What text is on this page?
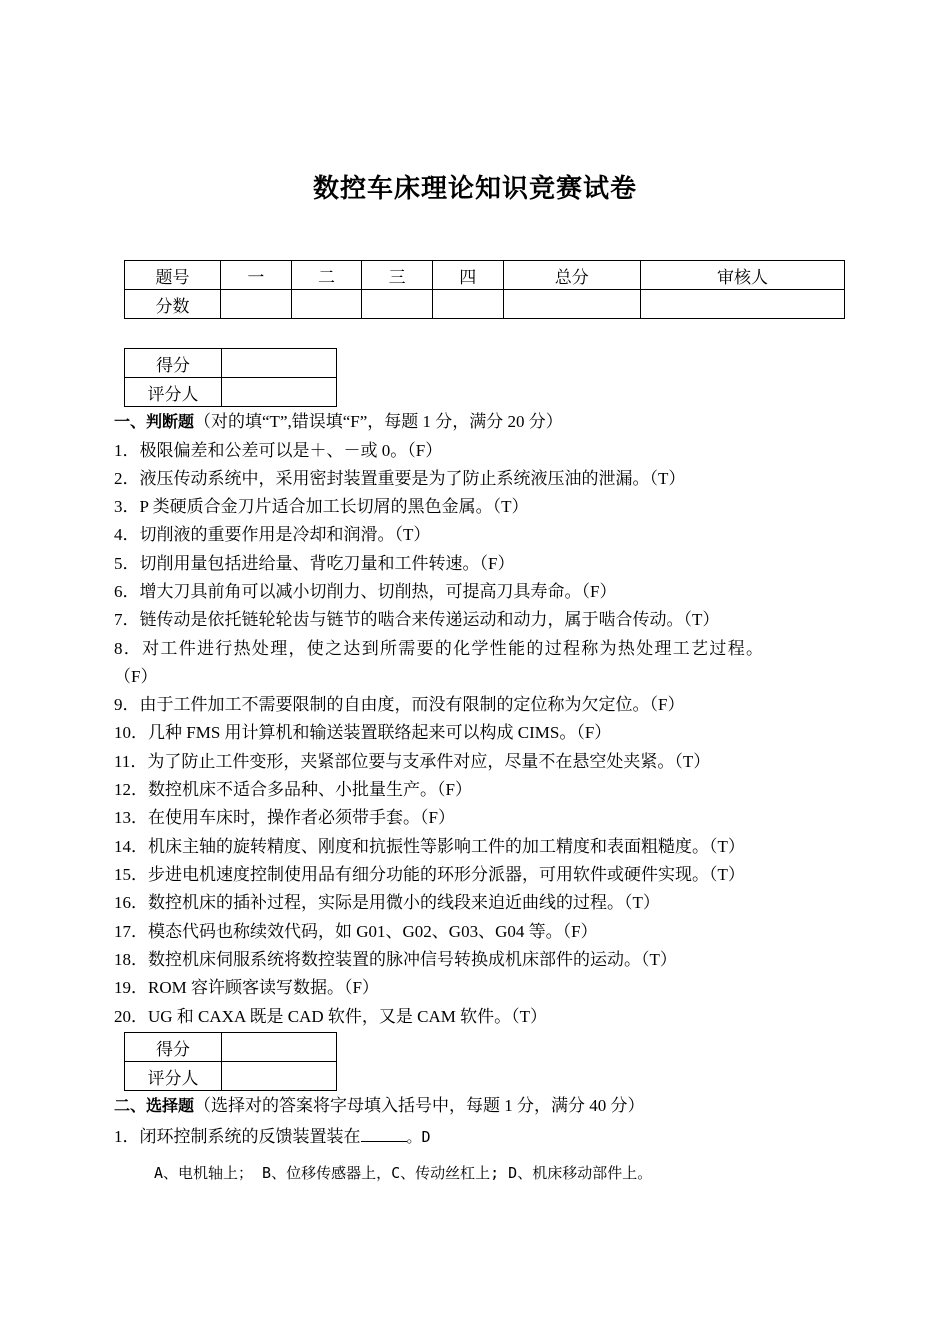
数控车床理论知识竞赛试卷
题号	一	二	三	四	总分	审核人
分数						
得分	
评分人	
一、判断题（对的填“T”,错误填“F”，每题 1 分，满分 20 分）
1．极限偏差和公差可以是＋、－或 0。（F）
2．液压传动系统中，采用密封装置重要是为了防止系统液压油的泄漏。（T）
3．P 类硬质合金刀片适合加工长切屑的黑色金属。（T）
4．切削液的重要作用是冷却和润滑。（T）
5．切削用量包括进给量、背吃刀量和工件转速。（F）
6．增大刀具前角可以减小切削力、切削热，可提高刀具寿命。（F）
7．链传动是依托链轮轮齿与链节的啮合来传递运动和动力，属于啮合传动。（T）
8．对工件进行热处理，使之达到所需要的化学性能的过程称为热处理工艺过程。
（F）
9．由于工件加工不需要限制的自由度，而没有限制的定位称为欠定位。（F）
10．几种 FMS 用计算机和输送装置联络起来可以构成 CIMS。（F）
11．为了防止工件变形，夹紧部位要与支承件对应，尽量不在悬空处夹紧。（T）
12．数控机床不适合多品种、小批量生产。（F）
13．在使用车床时，操作者必须带手套。（F）
14．机床主轴的旋转精度、刚度和抗振性等影响工件的加工精度和表面粗糙度。（T）
15．步进电机速度控制使用品有细分功能的环形分派器，可用软件或硬件实现。（T）
16．数控机床的插补过程，实际是用微小的线段来迫近曲线的过程。（T）
17．模态代码也称续效代码，如 G01、G02、G03、G04 等。（F）
18．数控机床伺服系统将数控装置的脉冲信号转换成机床部件的运动。（T）
19．ROM 容许顾客读写数据。（F）
20．UG 和 CAXA 既是 CAD 软件，又是 CAM 软件。（T）
得分	
评分人	
二、选择题（选择对的答案将字母填入括号中，每题 1 分，满分 40 分）
1．闭环控制系统的反馈装置装在	。D
A、电机轴上； B、位移传感器上，C、传动丝杠上; D、机床移动部件上。
